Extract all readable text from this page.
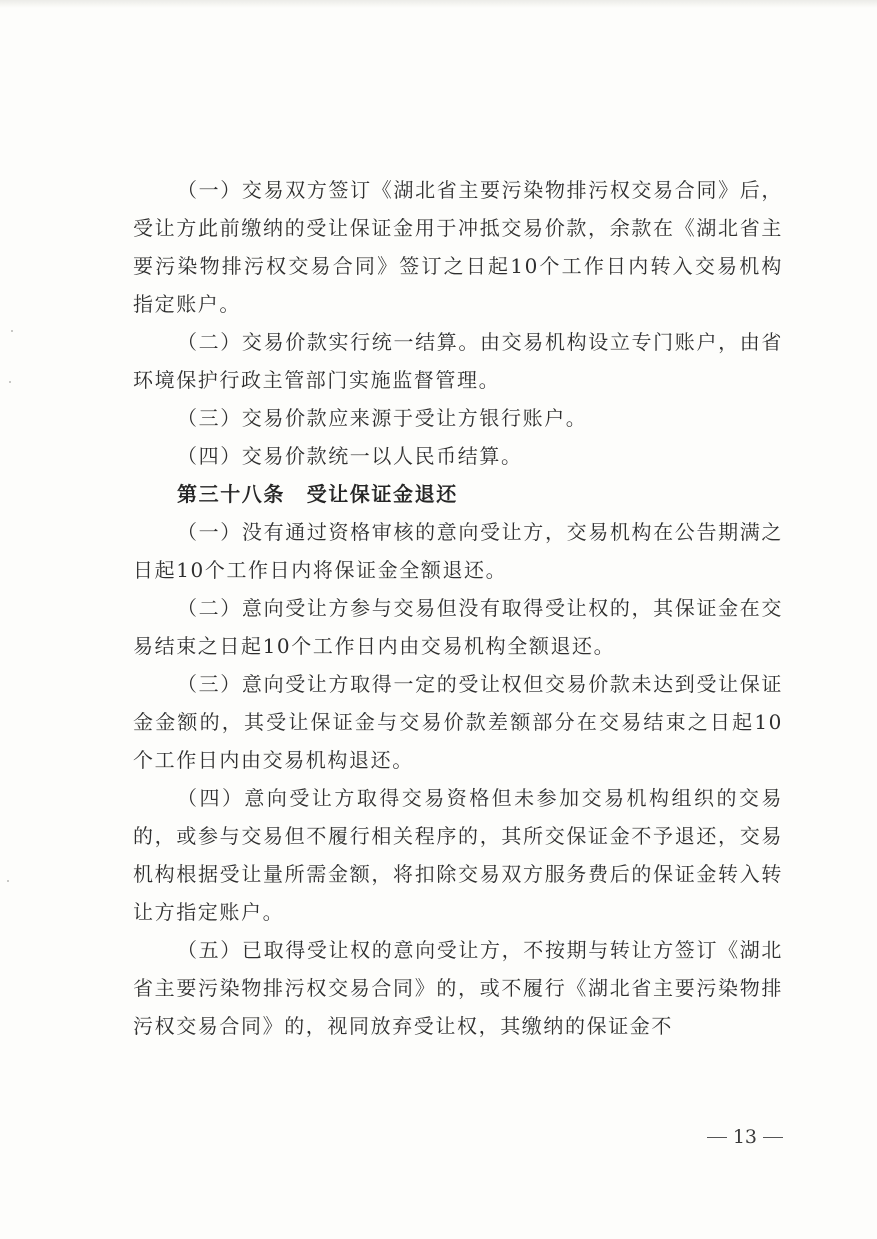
（一）交易双方签订《湖北省主要污染物排污权交易合同》后，受让方此前缴纳的受让保证金用于冲抵交易价款，余款在《湖北省主要污染物排污权交易合同》签订之日起10个工作日内转入交易机构指定账户。

（二）交易价款实行统一结算。由交易机构设立专门账户，由省环境保护行政主管部门实施监督管理。

（三）交易价款应来源于受让方银行账户。

（四）交易价款统一以人民币结算。

第三十八条　受让保证金退还

（一）没有通过资格审核的意向受让方，交易机构在公告期满之日起10个工作日内将保证金全额退还。

（二）意向受让方参与交易但没有取得受让权的，其保证金在交易结束之日起10个工作日内由交易机构全额退还。

（三）意向受让方取得一定的受让权但交易价款未达到受让保证金金额的，其受让保证金与交易价款差额部分在交易结束之日起10个工作日内由交易机构退还。

（四）意向受让方取得交易资格但未参加交易机构组织的交易的，或参与交易但不履行相关程序的，其所交保证金不予退还，交易机构根据受让量所需金额，将扣除交易双方服务费后的保证金转入转让方指定账户。

（五）已取得受让权的意向受让方，不按期与转让方签订《湖北省主要污染物排污权交易合同》的，或不履行《湖北省主要污染物排污权交易合同》的，视同放弃受让权，其缴纳的保证金不

13
